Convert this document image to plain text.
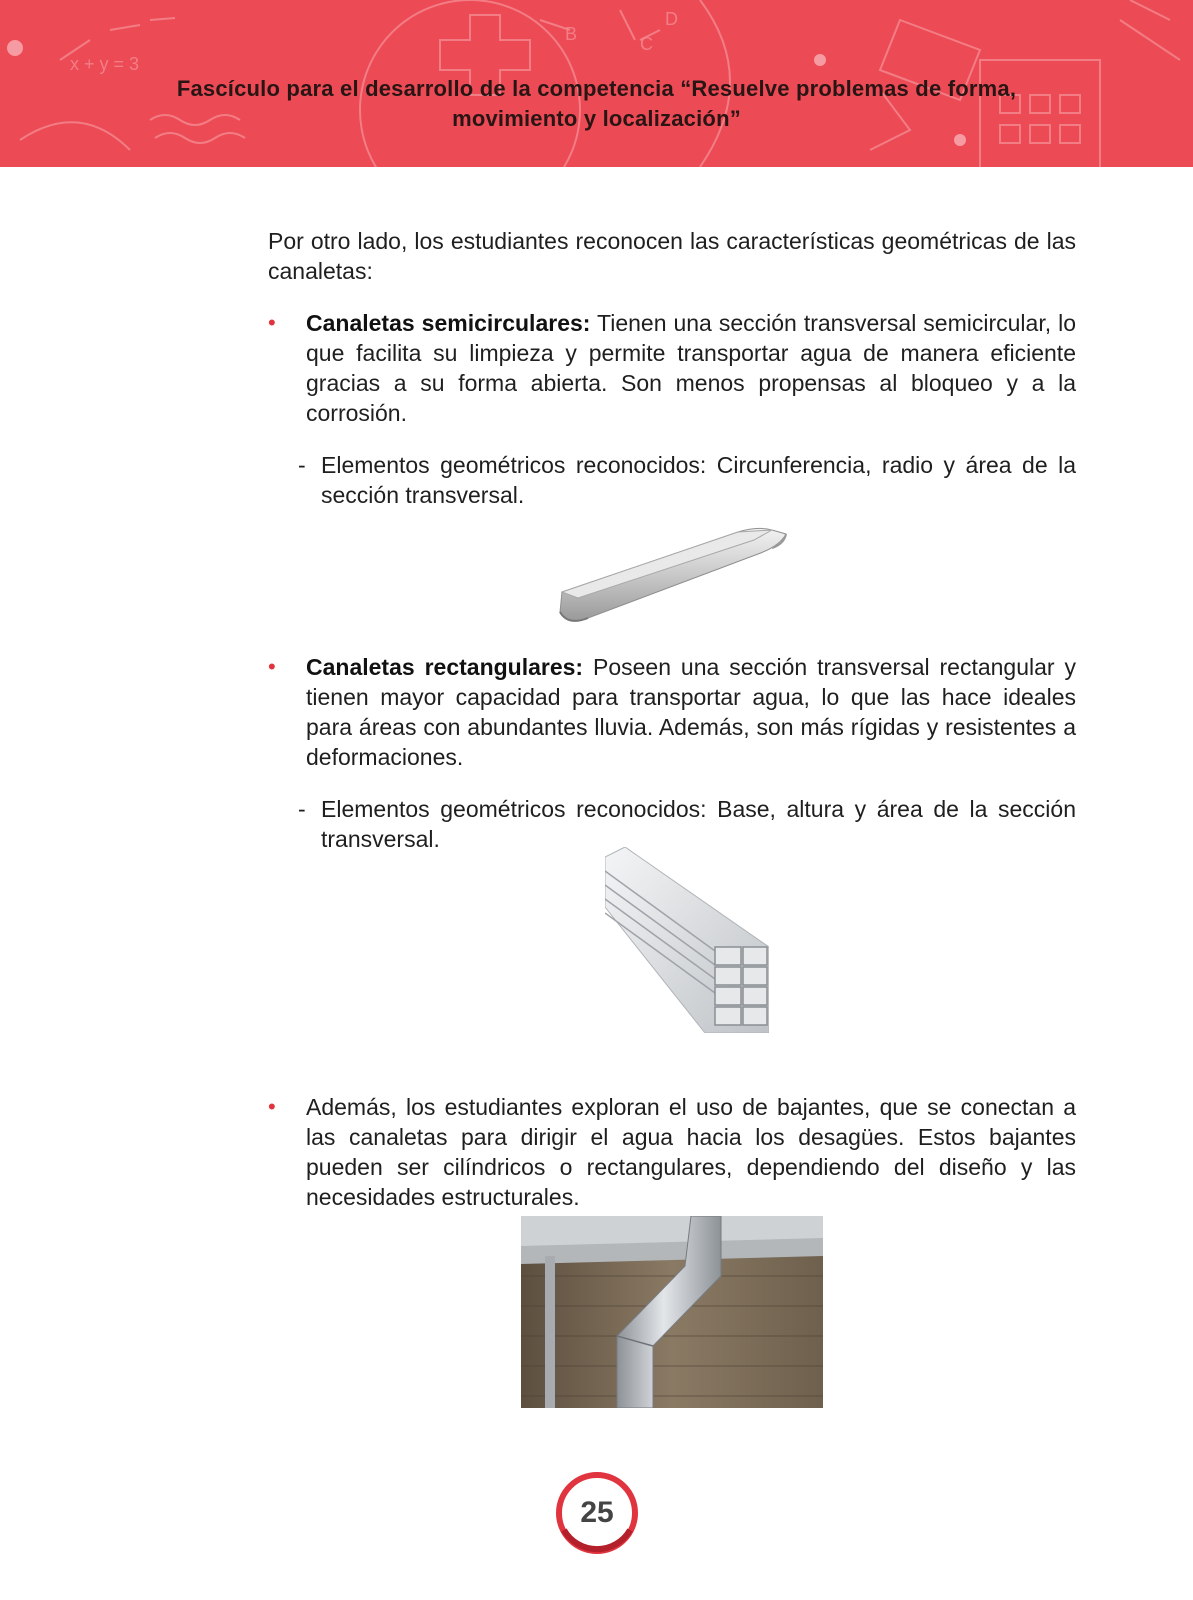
x + y = 3
B
D
C
Fascículo para el desarrollo de la competencia “Resuelve problemas de forma,
movimiento y localización”

Por otro lado, los estudiantes reconocen las características geométricas de las canaletas:

• Canaletas semicirculares: Tienen una sección transversal semicircular, lo que facilita su limpieza y permite transportar agua de manera eficiente gracias a su forma abierta. Son menos propensas al bloqueo y a la corrosión.

- Elementos geométricos reconocidos: Circunferencia, radio y área de la sección transversal.

• Canaletas rectangulares: Poseen una sección transversal rectangular y tienen mayor capacidad para transportar agua, lo que las hace ideales para áreas con abundantes lluvia. Además, son más rígidas y resistentes a deformaciones.

- Elementos geométricos reconocidos: Base, altura y área de la sección transversal.

• Además, los estudiantes exploran el uso de bajantes, que se conectan a las canaletas para dirigir el agua hacia los desagües. Estos bajantes pueden ser cilíndricos o rectangulares, dependiendo del diseño y las necesidades estructurales.

25
